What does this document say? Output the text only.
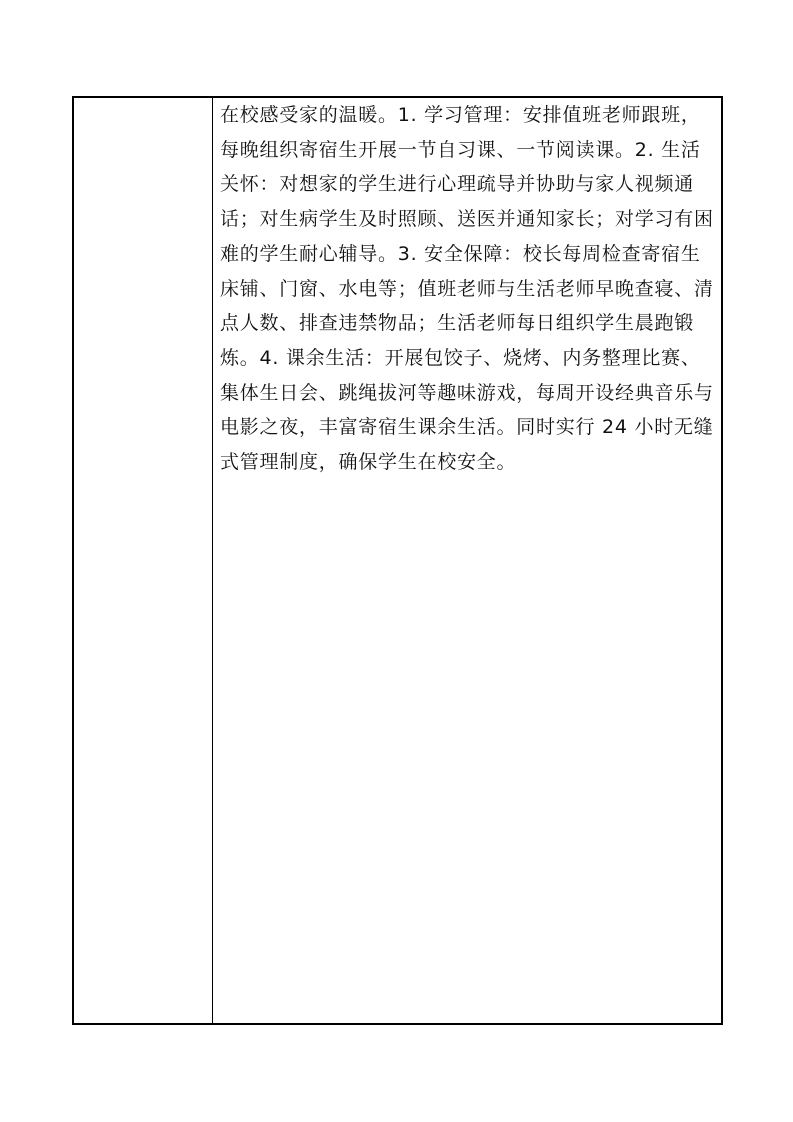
在校感受家的温暖。1. 学习管理：安排值班老师跟班，每晚组织寄宿生开展一节自习课、一节阅读课。2. 生活关怀：对想家的学生进行心理疏导并协助与家人视频通话；对生病学生及时照顾、送医并通知家长；对学习有困难的学生耐心辅导。3. 安全保障：校长每周检查寄宿生床铺、门窗、水电等；值班老师与生活老师早晚查寝、清点人数、排查违禁物品；生活老师每日组织学生晨跑锻炼。4. 课余生活：开展包饺子、烧烤、内务整理比赛、集体生日会、跳绳拔河等趣味游戏，每周开设经典音乐与电影之夜，丰富寄宿生课余生活。同时实行 24 小时无缝式管理制度，确保学生在校安全。
